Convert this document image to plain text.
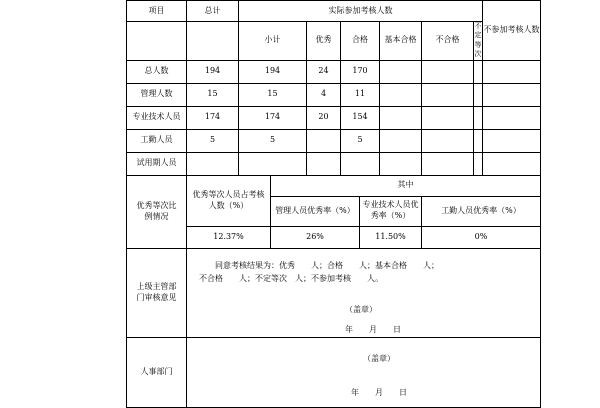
项目	总计	实际参加考核人数								不参加考核人数
		小计		优秀	合格		基本合格	不合格	不定等次	
总人数	194	194		24	170					
管理人数	15	15		4	11					
专业技术人员	174	174		20	154					
工勤人员	5	5			5					
试用期人员										
优秀等次比例情况	优秀等次人员占考核人数（%）		其中							
			管理人员优秀率（%）			专业技术人员优秀率（%）		工勤人员优秀率（%）		
	12.37%		26%			11.50%		0%		
上级主管部门审核意见	同意考核结果为：优秀　　人；合格　　人；基本合格　　人；
不合格　　人；不定等次　人；不参加考核　　人。
（盖章）
年　　月　　日									

人事部门	（盖章）
年　　月　　日									
